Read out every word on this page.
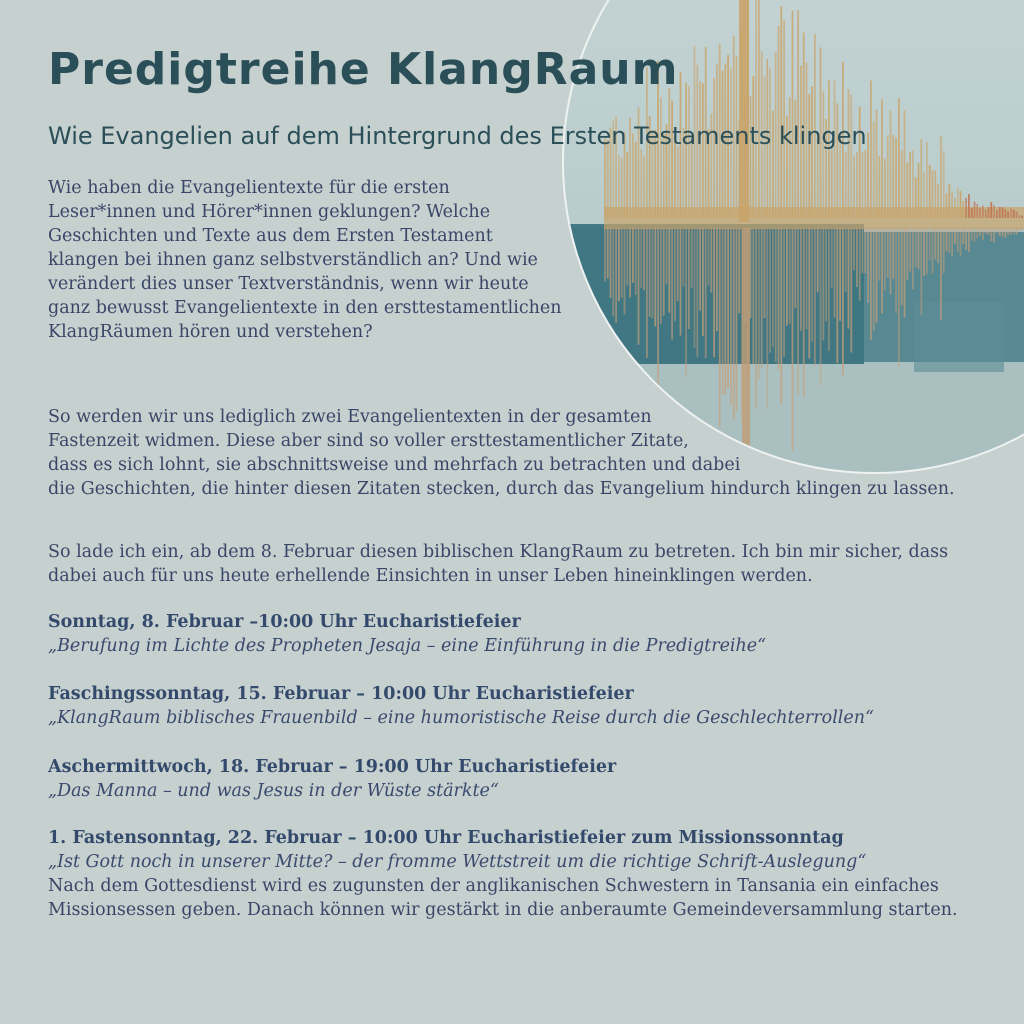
Predigtreihe KlangRaum
Wie Evangelien auf dem Hintergrund des Ersten Testaments klingen

Wie haben die Evangelientexte für die ersten
Leser*innen und Hörer*innen geklungen? Welche
Geschichten und Texte aus dem Ersten Testament
klangen bei ihnen ganz selbstverständlich an? Und wie
verändert dies unser Textverständnis, wenn wir heute
ganz bewusst Evangelientexte in den ersttestamentlichen
KlangRäumen hören und verstehen?

So werden wir uns lediglich zwei Evangelientexten in der gesamten
Fastenzeit widmen. Diese aber sind so voller ersttestamentlicher Zitate,
dass es sich lohnt, sie abschnittsweise und mehrfach zu betrachten und dabei
die Geschichten, die hinter diesen Zitaten stecken, durch das Evangelium hindurch klingen zu lassen.

So lade ich ein, ab dem 8. Februar diesen biblischen KlangRaum zu betreten. Ich bin mir sicher, dass
dabei auch für uns heute erhellende Einsichten in unser Leben hineinklingen werden.

Sonntag, 8. Februar –10:00 Uhr Eucharistiefeier
„Berufung im Lichte des Propheten Jesaja – eine Einführung in die Predigtreihe“
Faschingssonntag, 15. Februar – 10:00 Uhr Eucharistiefeier
„KlangRaum biblisches Frauenbild – eine humoristische Reise durch die Geschlechterrollen“
Aschermittwoch, 18. Februar – 19:00 Uhr Eucharistiefeier
„Das Manna – und was Jesus in der Wüste stärkte“
1. Fastensonntag, 22. Februar – 10:00 Uhr Eucharistiefeier zum Missionssonntag
„Ist Gott noch in unserer Mitte? – der fromme Wettstreit um die richtige Schrift-Auslegung“
Nach dem Gottesdienst wird es zugunsten der anglikanischen Schwestern in Tansania ein einfaches
Missionsessen geben. Danach können wir gestärkt in die anberaumte Gemeindeversammlung starten.
